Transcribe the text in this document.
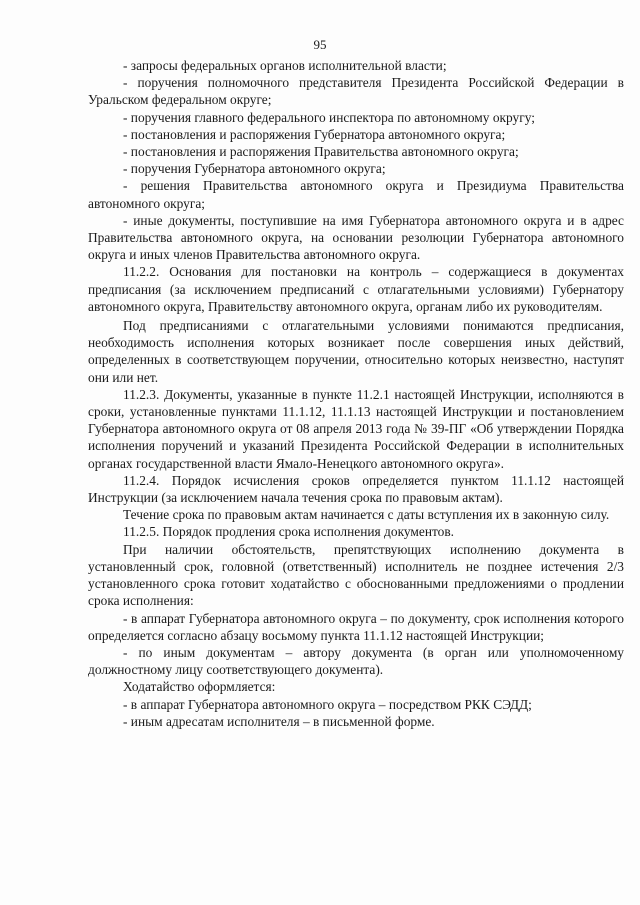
95

- запросы федеральных органов исполнительной власти;

- поручения полномочного представителя Президента Российской Федерации в Уральском федеральном округе;

- поручения главного федерального инспектора по автономному округу;

- постановления и распоряжения Губернатора автономного округа;

- постановления и распоряжения Правительства автономного округа;

- поручения Губернатора автономного округа;

- решения Правительства автономного округа и Президиума Правительства автономного округа;

- иные документы, поступившие на имя Губернатора автономного округа и в адрес Правительства автономного округа, на основании резолюции Губернатора автономного округа и иных членов Правительства автономного округа.

11.2.2. Основания для постановки на контроль – содержащиеся в документах предписания (за исключением предписаний с отлагательными условиями) Губернатору автономного округа, Правительству автономного округа, органам либо их руководителям.

Под предписаниями с отлагательными условиями понимаются предписания, необходимость исполнения которых возникает после совершения иных действий, определенных в соответствующем поручении, относительно которых неизвестно, наступят они или нет.

11.2.3. Документы, указанные в пункте 11.2.1 настоящей Инструкции, исполняются в сроки, установленные пунктами 11.1.12, 11.1.13 настоящей Инструкции и постановлением Губернатора автономного округа от 08 апреля 2013 года № 39-ПГ «Об утверждении Порядка исполнения поручений и указаний Президента Российской Федерации в исполнительных органах государственной власти Ямало-Ненецкого автономного округа».

11.2.4. Порядок исчисления сроков определяется пунктом 11.1.12 настоящей Инструкции (за исключением начала течения срока по правовым актам).

Течение срока по правовым актам начинается с даты вступления их в законную силу.

11.2.5. Порядок продления срока исполнения документов.

При наличии обстоятельств, препятствующих исполнению документа в установленный срок, головной (ответственный) исполнитель не позднее истечения 2/3 установленного срока готовит ходатайство с обоснованными предложениями о продлении срока исполнения:

- в аппарат Губернатора автономного округа – по документу, срок исполнения которого определяется согласно абзацу восьмому пункта 11.1.12 настоящей Инструкции;

- по иным документам – автору документа (в орган или уполномоченному должностному лицу соответствующего документа).

Ходатайство оформляется:

- в аппарат Губернатора автономного округа – посредством РКК СЭДД;

- иным адресатам исполнителя – в письменной форме.
